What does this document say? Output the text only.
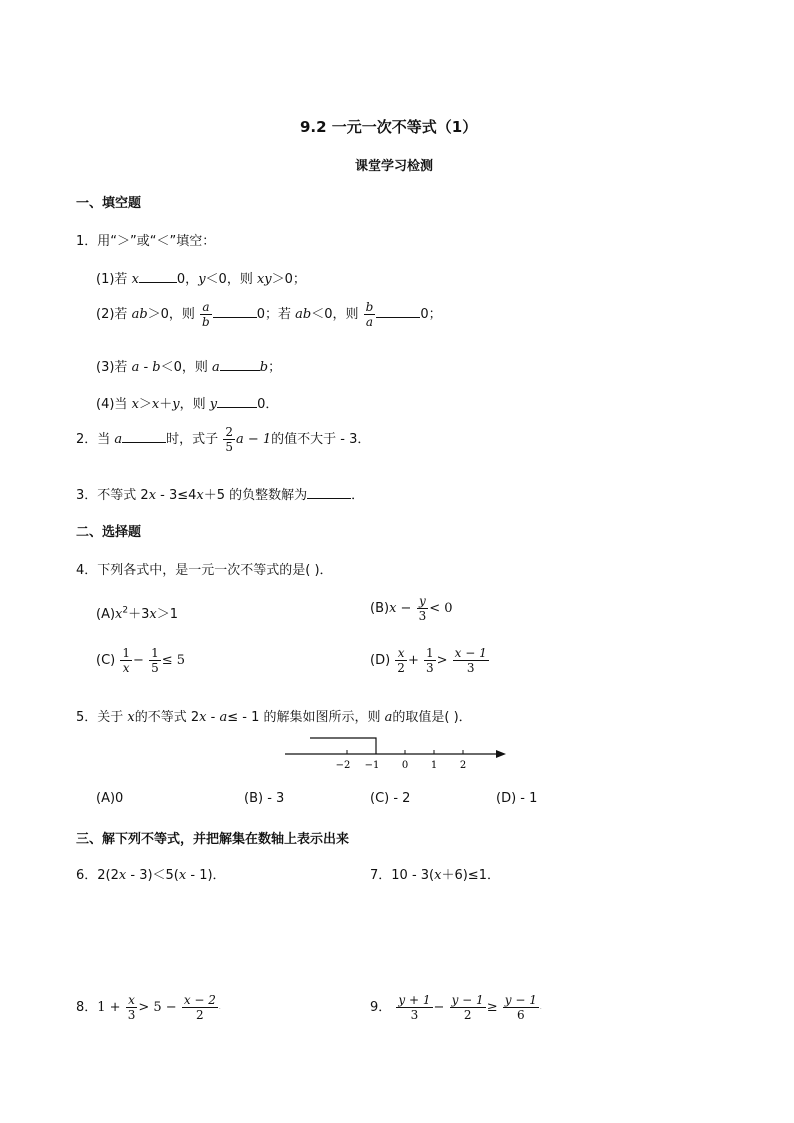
9.2 一元一次不等式（1）
课堂学习检测
一、填空题
1．用“＞”或“＜”填空：
(1)若 x	0，y＜0，则 xy＞0；
(2)若 ab＞0，则 $\frac{a}{b}$	0；若 ab＜0，则 $\frac{b}{a}$	0；
(3)若 a - b＜0，则 a	b；
(4)当 x＞x＋y，则 y	0．
2．当 a	时，式子 $\frac{2}{5}$ a − 1的值不大于 - 3．
3．不等式 2x - 3≤4x＋5 的负整数解为	．
二、选择题
4．下列各式中，是一元一次不等式的是( )．
$(A)x^2+3x>1$	$(B)x - \frac{y}{3} < 0$
$(C) \frac{1}{x} - \frac{1}{5} \le 5$	$(D) \frac{x}{2} + \frac{1}{3} > \frac{x - 1}{3}$
5．关于 x的不等式 2x - a≤ - 1 的解集如图所示，则 a的取值是( )．
−2 −1 0 1 2
(A)0	(B) - 3	(C) - 2	(D) - 1
三、解下列不等式，并把解集在数轴上表示出来
6．2(2x - 3)＜5(x - 1)．	7．10 - 3(x＋6)≤1．
8．$1 + \frac{x}{3} > 5 - \frac{x - 2}{2}$ ·	9． $\frac{y + 1}{3} - \frac{y - 1}{2} \ge \frac{y - 1}{6}$ ·
